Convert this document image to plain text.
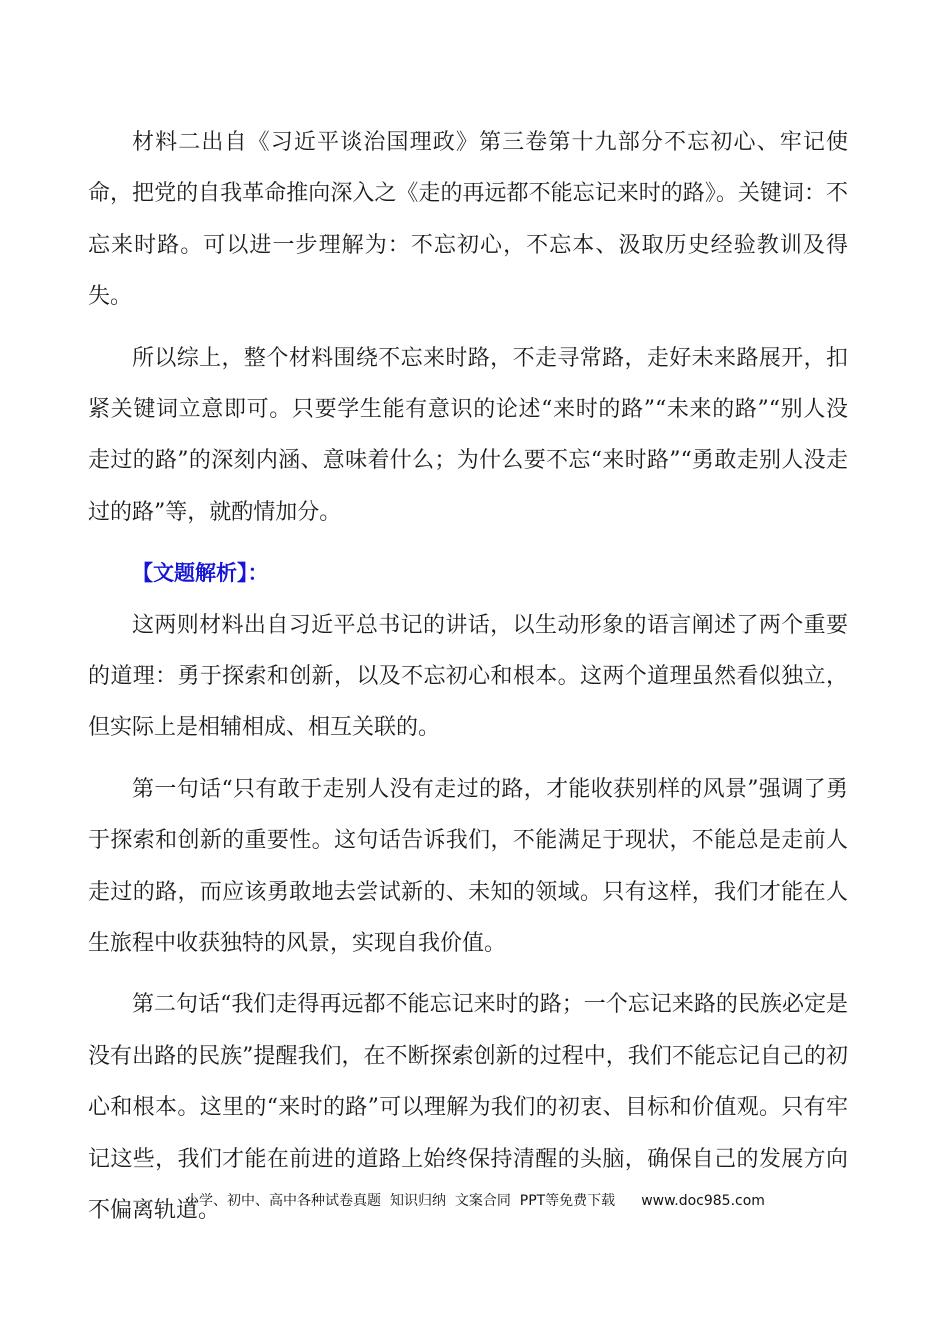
材料二出自《习近平谈治国理政》第三卷第十九部分不忘初心、牢记使命，把党的自我革命推向深入之《走的再远都不能忘记来时的路》。关键词：不忘来时路。可以进一步理解为：不忘初心，不忘本、汲取历史经验教训及得失。

所以综上，整个材料围绕不忘来时路，不走寻常路，走好未来路展开，扣紧关键词立意即可。只要学生能有意识的论述“来时的路”“未来的路”“别人没走过的路”的深刻内涵、意味着什么；为什么要不忘“来时路”“勇敢走别人没走过的路”等，就酌情加分。

【文题解析】：

这两则材料出自习近平总书记的讲话，以生动形象的语言阐述了两个重要的道理：勇于探索和创新，以及不忘初心和根本。这两个道理虽然看似独立，但实际上是相辅相成、相互关联的。

第一句话“只有敢于走别人没有走过的路，才能收获别样的风景”强调了勇于探索和创新的重要性。这句话告诉我们，不能满足于现状，不能总是走前人走过的路，而应该勇敢地去尝试新的、未知的领域。只有这样，我们才能在人生旅程中收获独特的风景，实现自我价值。

第二句话“我们走得再远都不能忘记来时的路；一个忘记来路的民族必定是没有出路的民族”提醒我们，在不断探索创新的过程中，我们不能忘记自己的初心和根本。这里的“来时的路”可以理解为我们的初衷、目标和价值观。只有牢记这些，我们才能在前进的道路上始终保持清醒的头脑，确保自己的发展方向不偏离轨道。

小学、初中、高中各种试卷真题  知识归纳  文案合同  PPT等免费下载 www.doc985.com
